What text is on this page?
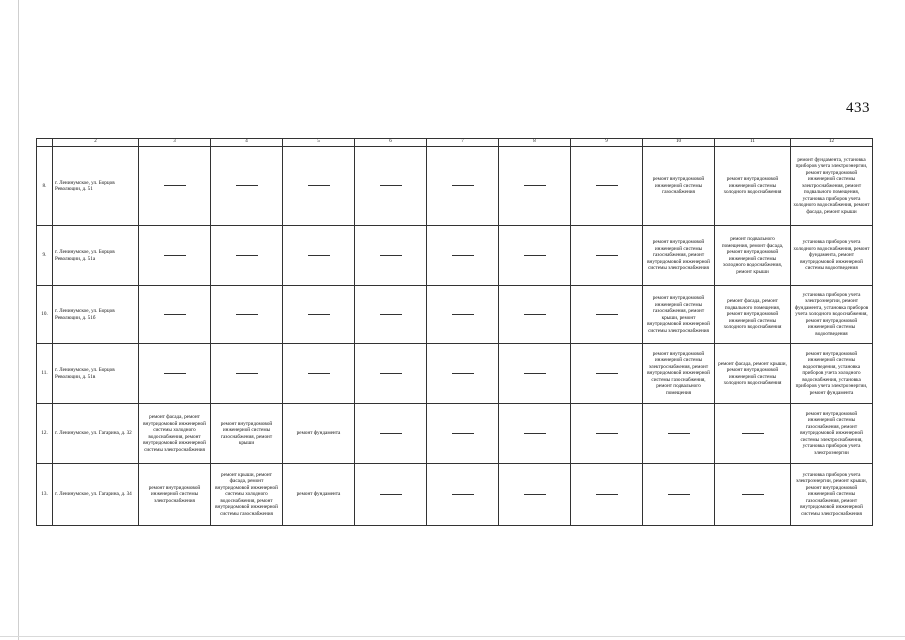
433
	2	3	4	5	6	7	8	9	10	11	12
8.	г. Ленинумское, ул. Борцов Революции, д. 51								ремонт внутридомовой инженерной системы газоснабжения	ремонт внутридомовой инженерной системы холодного водоснабжения	ремонт фундамента, установка приборов учета электроэнергии, ремонт внутридомовой инженерной системы электроснабжения, ремонт подвального помещения, установка приборов учета холодного водоснабжения, ремонт фасада, ремонт крыши
9.	г. Ленинумское, ул. Борцов Революции, д. 51а								ремонт внутридомовой инженерной системы газоснабжения, ремонт внутридомовой инженерной системы электроснабжения	ремонт подвального помещения, ремонт фасада, ремонт внутридомовой инженерной системы холодного водоснабжения, ремонт крыши	установка приборов учета холодного водоснабжения, ремонт фундамента, ремонт внутридомовой инженерной системы водоотведения
10.	г. Ленинумское, ул. Борцов Революции, д. 51б								ремонт внутридомовой инженерной системы газоснабжения, ремонт крыши, ремонт внутридомовой инженерной системы электроснабжения	ремонт фасада, ремонт подвального помещения, ремонт внутридомовой инженерной системы холодного водоснабжения	установка приборов учета электроэнергии, ремонт фундамента, установка приборов учета холодного водоснабжения, ремонт внутридомовой инженерной системы водоотведения
11.	г. Ленинумское, ул. Борцов Революции, д. 51в								ремонт внутридомовой инженерной системы электроснабжения, ремонт внутридомовой инженерной системы газоснабжения, ремонт подвального помещения	ремонт фасада, ремонт крыши, ремонт внутридомовой инженерной системы холодного водоснабжения	ремонт внутридомовой инженерной системы водоотведения, установка приборов учета холодного водоснабжения, установка приборов учета электроэнергии, ремонт фундамента
12.	г. Ленинумское, ул. Гагарина, д. 32	ремонт фасада, ремонт внутридомовой инженерной системы холодного водоснабжения, ремонт внутридомовой инженерной системы электроснабжения	ремонт внутридомовой инженерной системы газоснабжения, ремонт крыши	ремонт фундамента							ремонт внутридомовой инженерной системы газоснабжения, ремонт внутридомовой инженерной системы электроснабжения, установка приборов учета электроэнергии
13.	г. Ленинумское, ул. Гагарина, д. 34	ремонт внутридомовой инженерной системы электроснабжения	ремонт крыши, ремонт фасада, ремонт внутридомовой инженерной системы холодного водоснабжения, ремонт внутридомовой инженерной системы газоснабжения	ремонт фундамента							установка приборов учета электроэнергии, ремонт крыши, ремонт внутридомовой инженерной системы газоснабжения, ремонт внутридомовой инженерной системы электроснабжения
